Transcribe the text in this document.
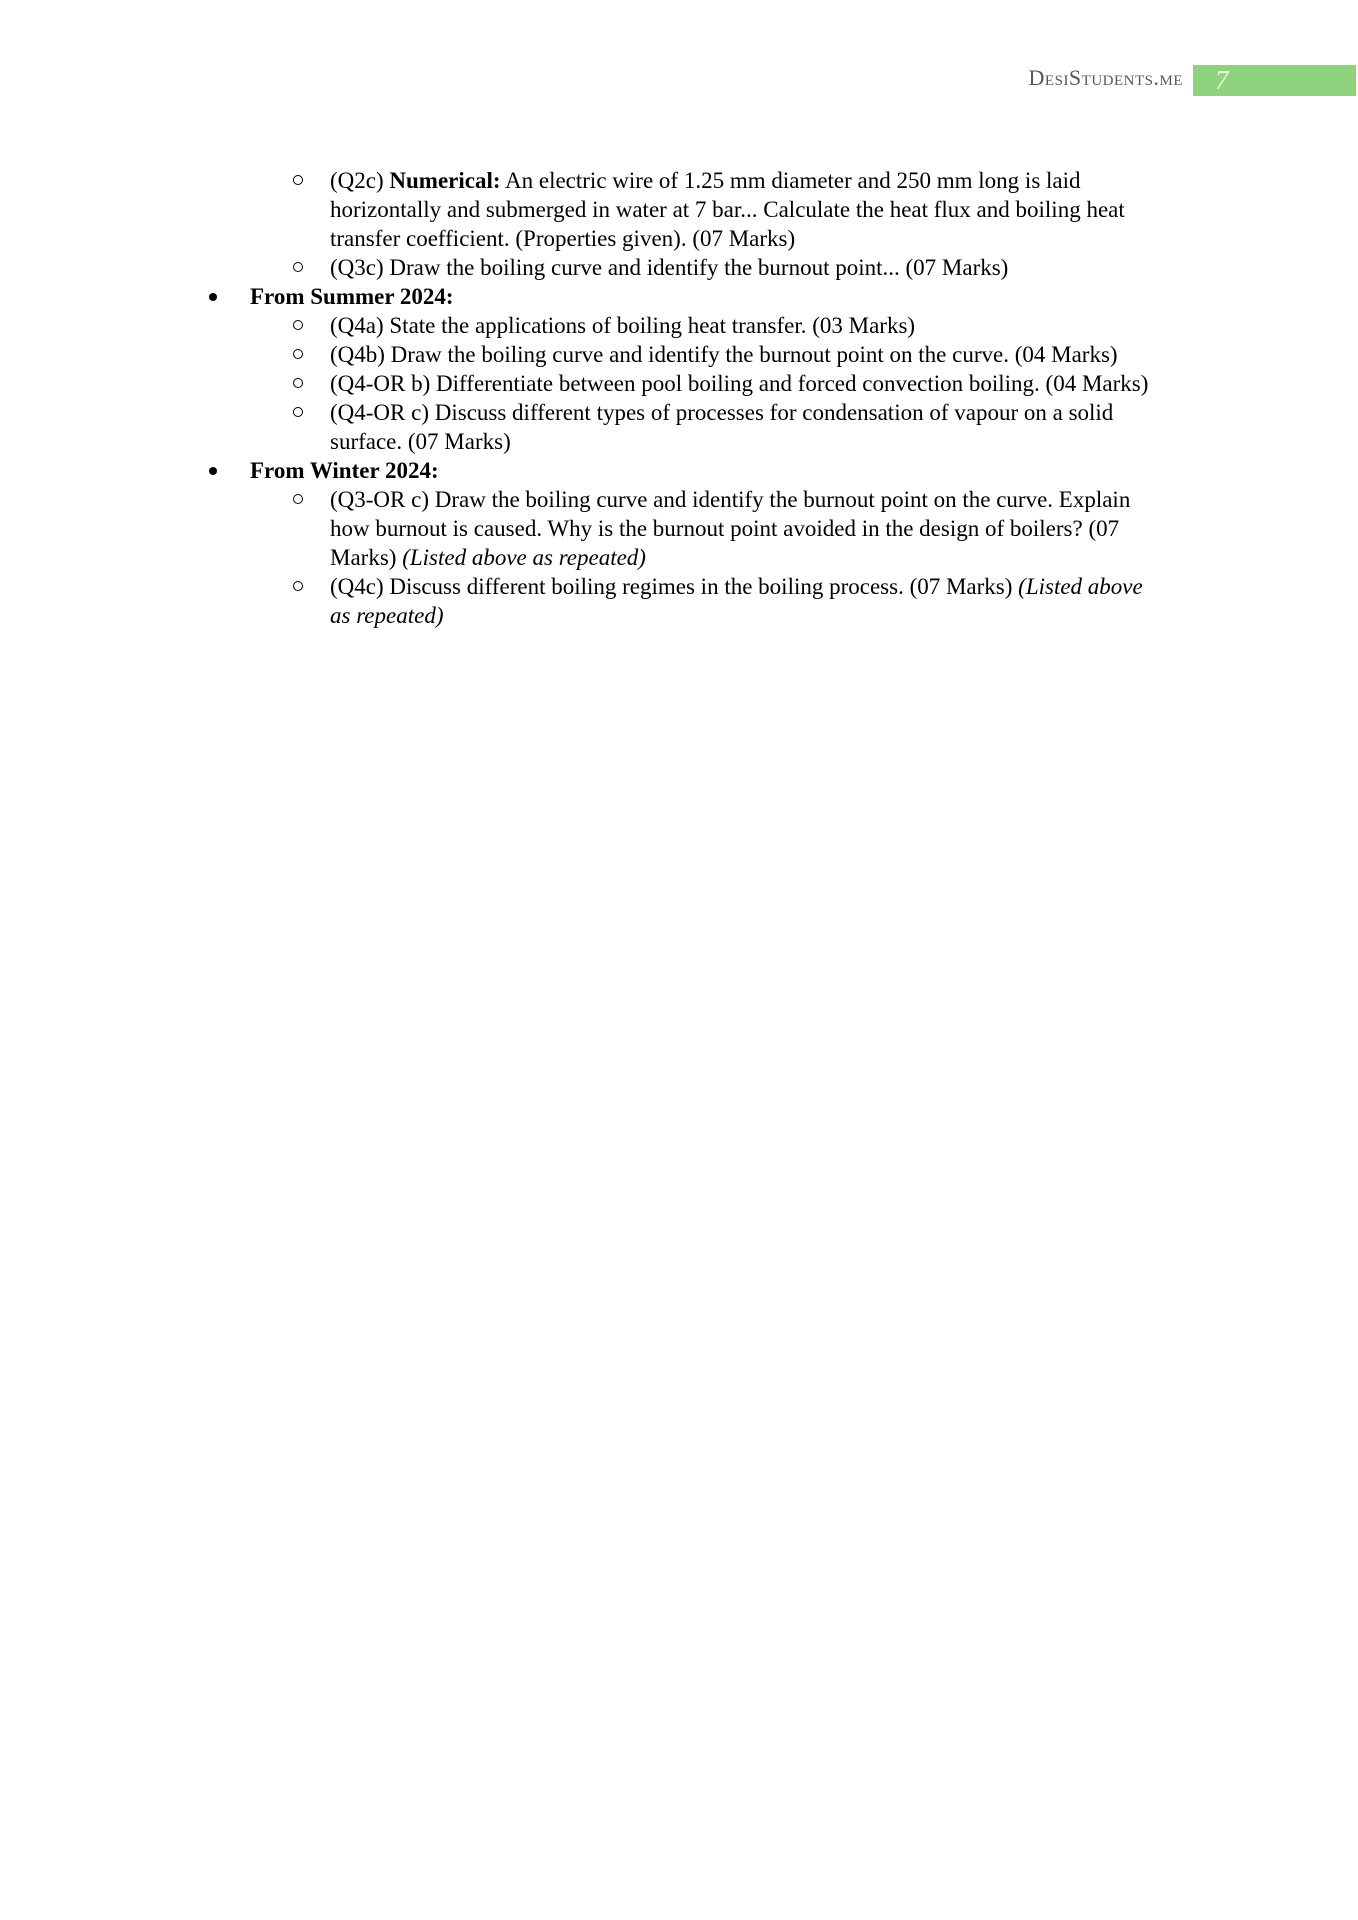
DesiStudents.me 7
(Q2c) Numerical: An electric wire of 1.25 mm diameter and 250 mm long is laid horizontally and submerged in water at 7 bar... Calculate the heat flux and boiling heat transfer coefficient. (Properties given). (07 Marks)
(Q3c) Draw the boiling curve and identify the burnout point... (07 Marks)
From Summer 2024:
(Q4a) State the applications of boiling heat transfer. (03 Marks)
(Q4b) Draw the boiling curve and identify the burnout point on the curve. (04 Marks)
(Q4-OR b) Differentiate between pool boiling and forced convection boiling. (04 Marks)
(Q4-OR c) Discuss different types of processes for condensation of vapour on a solid surface. (07 Marks)
From Winter 2024:
(Q3-OR c) Draw the boiling curve and identify the burnout point on the curve. Explain how burnout is caused. Why is the burnout point avoided in the design of boilers? (07 Marks) (Listed above as repeated)
(Q4c) Discuss different boiling regimes in the boiling process. (07 Marks) (Listed above as repeated)
